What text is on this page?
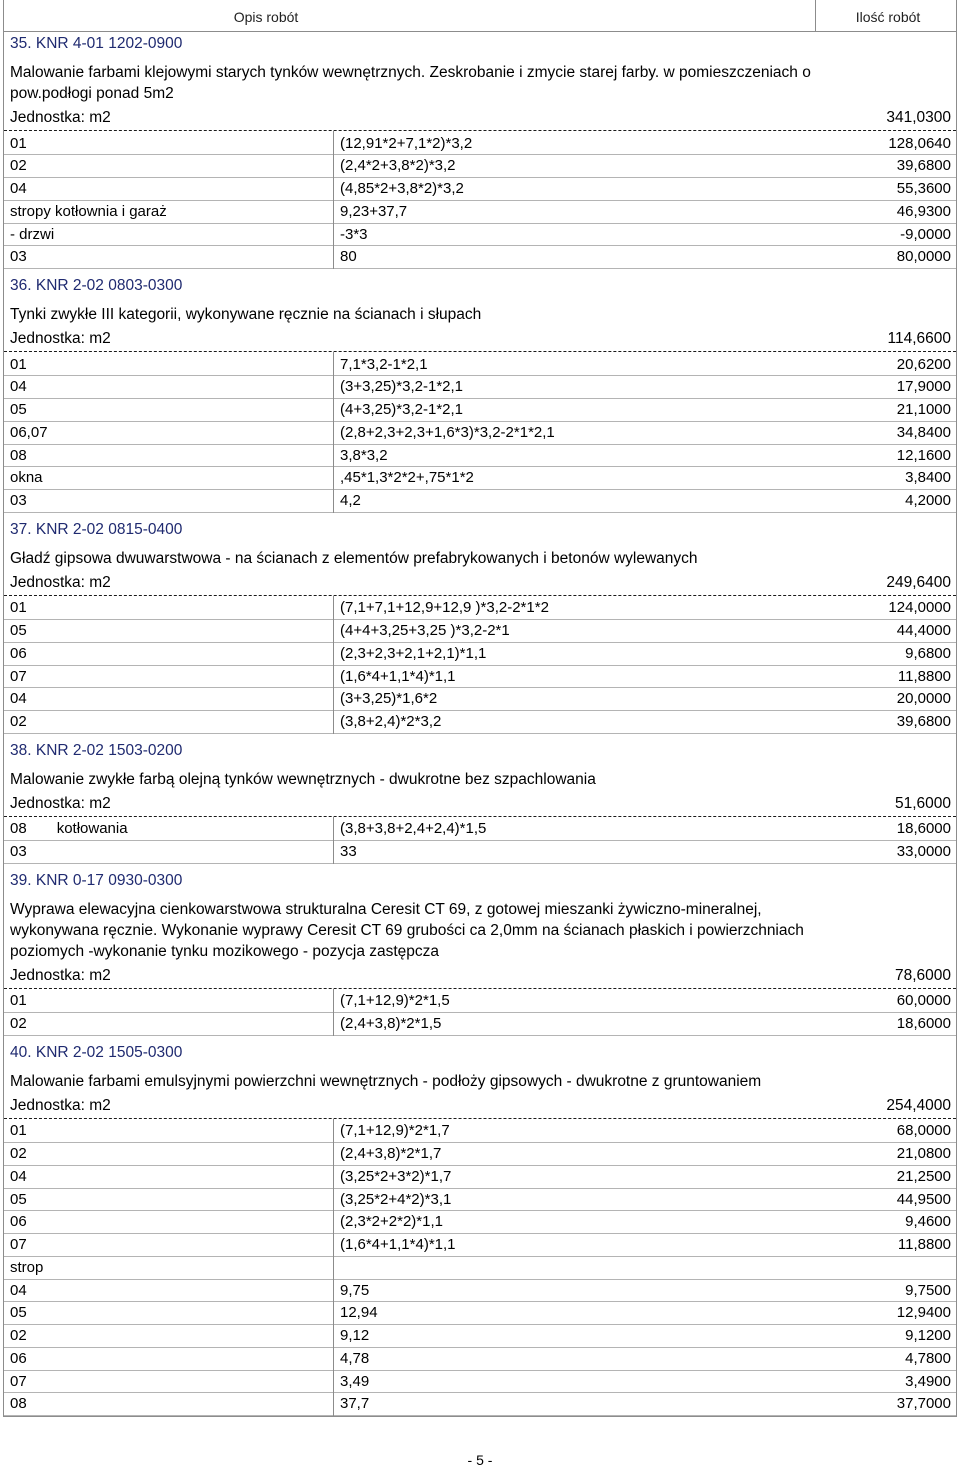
Opis robót	Ilość robót
35. KNR 4-01 1202-0900
Malowanie farbami klejowymi starych tynków wewnętrznych. Zeskrobanie i zmycie starej farby. w pomieszczeniach o
pow.podłogi ponad 5m2
Jednostka: m2	341,0300
01	(12,91*2+7,1*2)*3,2	128,0640
02	(2,4*2+3,8*2)*3,2	39,6800
04	(4,85*2+3,8*2)*3,2	55,3600
stropy kotłownia i garaż	9,23+37,7	46,9300
- drzwi	-3*3	-9,0000
03	80	80,0000
36. KNR 2-02 0803-0300
Tynki zwykłe III kategorii, wykonywane ręcznie na ścianach i słupach
Jednostka: m2	114,6600
01	7,1*3,2-1*2,1	20,6200
04	(3+3,25)*3,2-1*2,1	17,9000
05	(4+3,25)*3,2-1*2,1	21,1000
06,07	(2,8+2,3+2,3+1,6*3)*3,2-2*1*2,1	34,8400
08	3,8*3,2	12,1600
okna	,45*1,3*2*2+,75*1*2	3,8400
03	4,2	4,2000
37. KNR 2-02 0815-0400
Gładź gipsowa dwuwarstwowa - na ścianach z elementów prefabrykowanych i betonów wylewanych
Jednostka: m2	249,6400
01	(7,1+7,1+12,9+12,9 )*3,2-2*1*2	124,0000
05	(4+4+3,25+3,25 )*3,2-2*1	44,4000
06	(2,3+2,3+2,1+2,1)*1,1	9,6800
07	(1,6*4+1,1*4)*1,1	11,8800
04	(3+3,25)*1,6*2	20,0000
02	(3,8+2,4)*2*3,2	39,6800
38. KNR 2-02 1503-0200
Malowanie zwykłe farbą olejną tynków wewnętrznych - dwukrotne bez szpachlowania
Jednostka: m2	51,6000
08 kotłowania	(3,8+3,8+2,4+2,4)*1,5	18,6000
03	33	33,0000
39. KNR 0-17 0930-0300
Wyprawa elewacyjna cienkowarstwowa strukturalna Ceresit CT 69, z gotowej mieszanki żywiczno-mineralnej,
wykonywana ręcznie. Wykonanie wyprawy Ceresit CT 69 grubości ca 2,0mm na ścianach płaskich i powierzchniach
poziomych -wykonanie tynku mozikowego - pozycja zastępcza
Jednostka: m2	78,6000
01	(7,1+12,9)*2*1,5	60,0000
02	(2,4+3,8)*2*1,5	18,6000
40. KNR 2-02 1505-0300
Malowanie farbami emulsyjnymi powierzchni wewnętrznych - podłoży gipsowych - dwukrotne z gruntowaniem
Jednostka: m2	254,4000
01	(7,1+12,9)*2*1,7	68,0000
02	(2,4+3,8)*2*1,7	21,0800
04	(3,25*2+3*2)*1,7	21,2500
05	(3,25*2+4*2)*3,1	44,9500
06	(2,3*2+2*2)*1,1	9,4600
07	(1,6*4+1,1*4)*1,1	11,8800
strop
04	9,75	9,7500
05	12,94	12,9400
02	9,12	9,1200
06	4,78	4,7800
07	3,49	3,4900
08	37,7	37,7000
- 5 -
